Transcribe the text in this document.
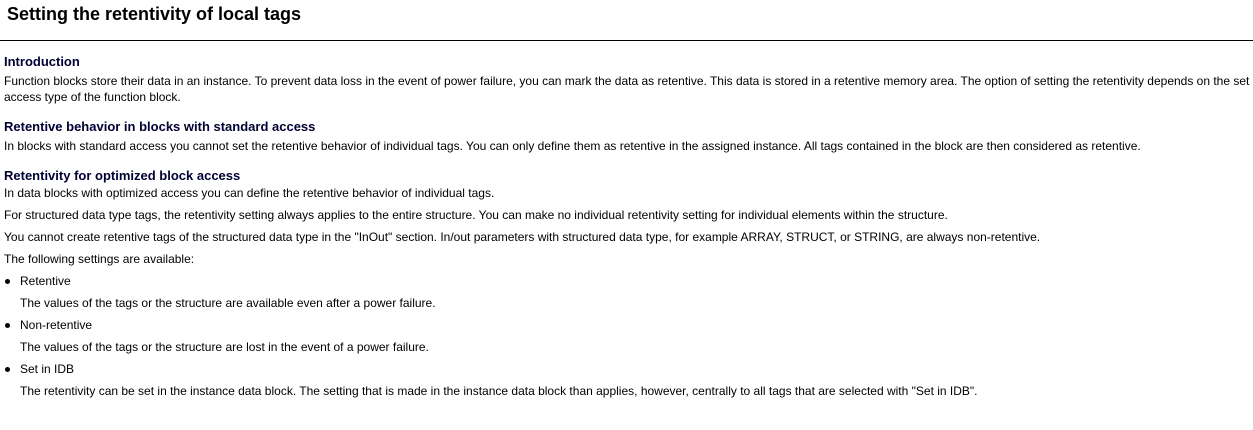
Setting the retentivity of local tags
Introduction

Function blocks store their data in an instance. To prevent data loss in the event of power failure, you can mark the data as retentive. This data is stored in a retentive memory area. The option of setting the retentivity depends on the set access type of the function block.

Retentive behavior in blocks with standard access

In blocks with standard access you cannot set the retentive behavior of individual tags. You can only define them as retentive in the assigned instance. All tags contained in the block are then considered as retentive.

Retentivity for optimized block access

In data blocks with optimized access you can define the retentive behavior of individual tags.

For structured data type tags, the retentivity setting always applies to the entire structure. You can make no individual retentivity setting for individual elements within the structure.

You cannot create retentive tags of the structured data type in the "InOut" section. In/out parameters with structured data type, for example ARRAY, STRUCT, or STRING, are always non-retentive.

The following settings are available:

Retentive
The values of the tags or the structure are available even after a power failure.
Non-retentive
The values of the tags or the structure are lost in the event of a power failure.
Set in IDB
The retentivity can be set in the instance data block. The setting that is made in the instance data block than applies, however, centrally to all tags that are selected with "Set in IDB".
